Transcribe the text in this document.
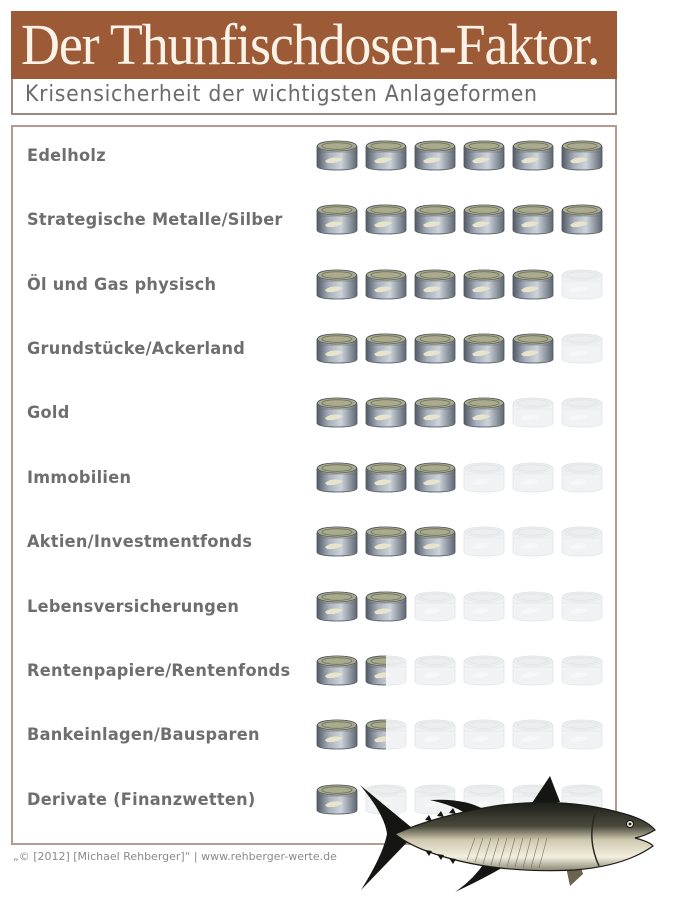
Der Thunfischdosen-Faktor.
Krisensicherheit der wichtigsten Anlageformen
Edelholz
Strategische Metalle/Silber
Öl und Gas physisch
Grundstücke/Ackerland
Gold
Immobilien
Aktien/Investmentfonds
Lebensversicherungen
Rentenpapiere/Rentenfonds
Bankeinlagen/Bausparen
Derivate (Finanzwetten)
„© [2012] [Michael Rehberger]“ | www.rehberger-werte.de
